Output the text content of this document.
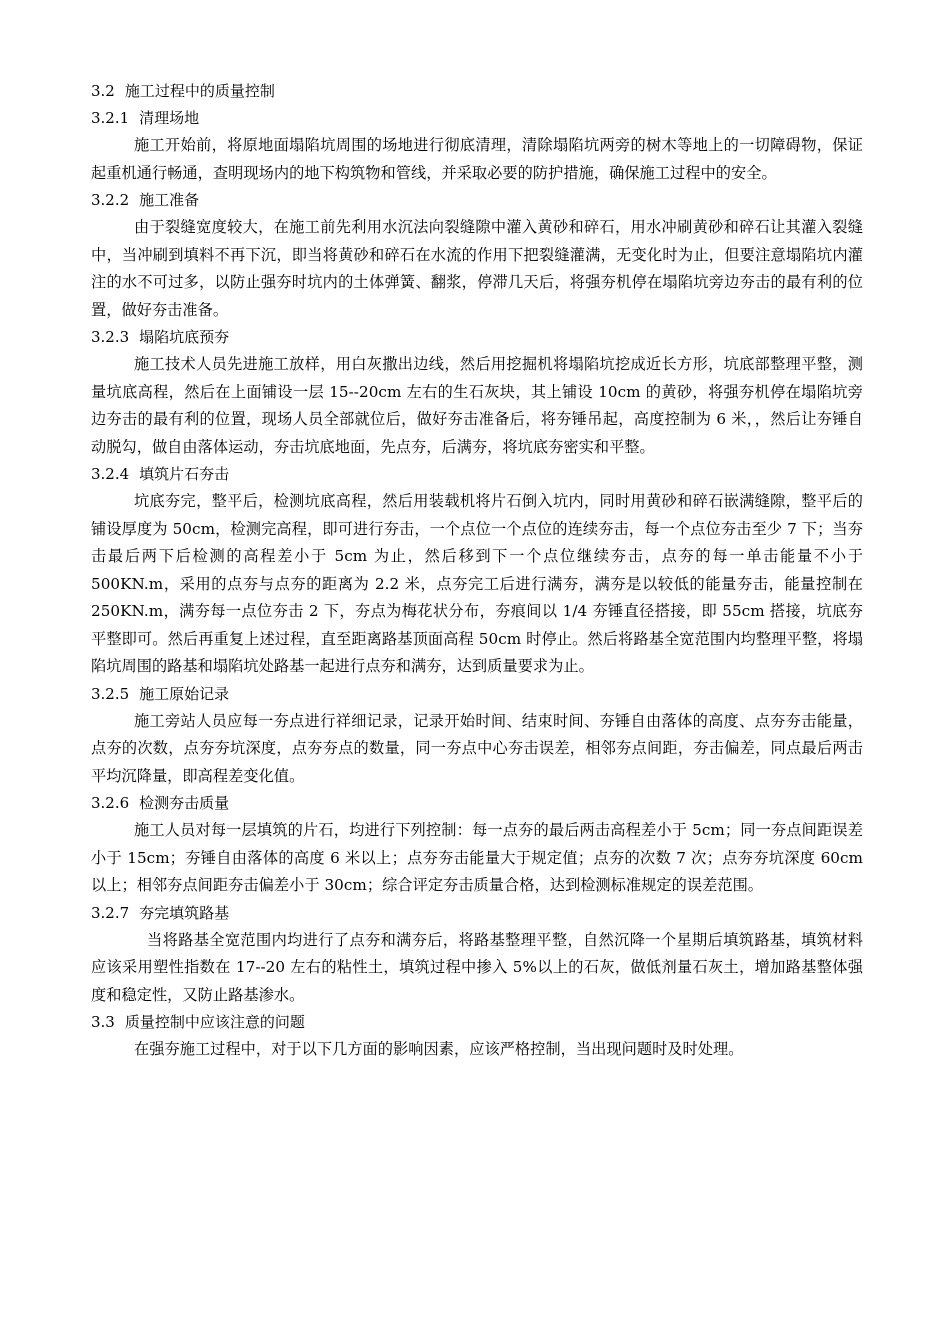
3.2 施工过程中的质量控制
3.2.1 清理场地

施工开始前，将原地面塌陷坑周围的场地进行彻底清理，清除塌陷坑两旁的树木等地上的一切障碍物，保证起重机通行畅通，查明现场内的地下构筑物和管线，并采取必要的防护措施，确保施工过程中的安全。

3.2.2 施工准备

由于裂缝宽度较大，在施工前先利用水沉法向裂缝隙中灌入黄砂和碎石，用水冲刷黄砂和碎石让其灌入裂缝中，当冲刷到填料不再下沉，即当将黄砂和碎石在水流的作用下把裂缝灌满，无变化时为止，但要注意塌陷坑内灌注的水不可过多，以防止强夯时坑内的土体弹簧、翻浆，停滞几天后，将强夯机停在塌陷坑旁边夯击的最有利的位置，做好夯击准备。

3.2.3 塌陷坑底预夯

施工技术人员先进施工放样，用白灰撒出边线，然后用挖掘机将塌陷坑挖成近长方形，坑底部整理平整，测量坑底高程，然后在上面铺设一层 15--20cm 左右的生石灰块，其上铺设 10cm 的黄砂，将强夯机停在塌陷坑旁边夯击的最有利的位置，现场人员全部就位后，做好夯击准备后，将夯锤吊起，高度控制为 6 米，，然后让夯锤自动脱勾，做自由落体运动，夯击坑底地面，先点夯，后满夯，将坑底夯密实和平整。

3.2.4 填筑片石夯击

坑底夯完，整平后，检测坑底高程，然后用装载机将片石倒入坑内，同时用黄砂和碎石嵌满缝隙，整平后的铺设厚度为 50cm，检测完高程，即可进行夯击，一个点位一个点位的连续夯击，每一个点位夯击至少 7 下；当夯击最后两下后检测的高程差小于 5cm 为止，然后移到下一个点位继续夯击，点夯的每一单击能量不小于 500KN.m，采用的点夯与点夯的距离为 2.2 米，点夯完工后进行满夯，满夯是以较低的能量夯击，能量控制在 250KN.m，满夯每一点位夯击 2 下，夯点为梅花状分布，夯痕间以 1/4 夯锤直径搭接，即 55cm 搭接，坑底夯平整即可。然后再重复上述过程，直至距离路基顶面高程 50cm 时停止。然后将路基全宽范围内均整理平整，将塌陷坑周围的路基和塌陷坑处路基一起进行点夯和满夯，达到质量要求为止。

3.2.5 施工原始记录

施工旁站人员应每一夯点进行祥细记录，记录开始时间、结束时间、夯锤自由落体的高度、点夯夯击能量，点夯的次数，点夯夯坑深度，点夯夯点的数量，同一夯点中心夯击误差，相邻夯点间距，夯击偏差，同点最后两击平均沉降量，即高程差变化值。

3.2.6 检测夯击质量

施工人员对每一层填筑的片石，均进行下列控制：每一点夯的最后两击高程差小于 5cm；同一夯点间距误差小于 15cm；夯锤自由落体的高度 6 米以上；点夯夯击能量大于规定值；点夯的次数 7 次；点夯夯坑深度 60cm 以上；相邻夯点间距夯击偏差小于 30cm；综合评定夯击质量合格，达到检测标准规定的误差范围。

3.2.7 夯完填筑路基

当将路基全宽范围内均进行了点夯和满夯后，将路基整理平整，自然沉降一个星期后填筑路基，填筑材料应该采用塑性指数在 17--20 左右的粘性土，填筑过程中掺入 5%以上的石灰，做低剂量石灰土，增加路基整体强度和稳定性，又防止路基渗水。

3.3 质量控制中应该注意的问题

在强夯施工过程中，对于以下几方面的影响因素，应该严格控制，当出现问题时及时处理。
